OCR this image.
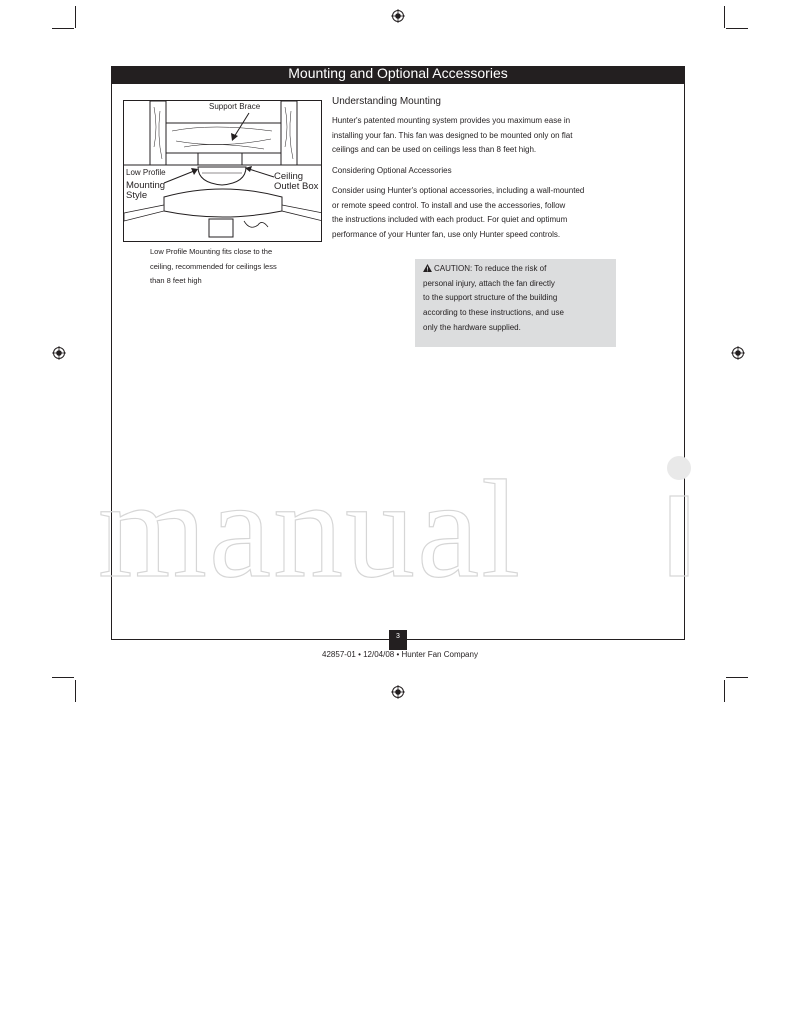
Mounting and Optional Accessories
manual
Support Brace
Low Profile
Mounting
Style
Ceiling
Outlet Box
Low Profile Mounting fits close to the
ceiling, recommended for ceilings less
than 8 feet high
Understanding Mounting

Hunter's patented mounting system provides you maximum ease in

installing your fan. This fan was designed to be mounted only on flat

ceilings and can be used on ceilings less than 8 feet high.

Considering Optional Accessories

Consider using Hunter's optional accessories, including a wall-mounted

or remote speed control. To install and use the accessories, follow

the instructions included with each product. For quiet and optimum

performance of your Hunter fan, use only Hunter speed controls.

CAUTION: To reduce the risk of
personal injury, attach the fan directly
to the support structure of the building
according to these instructions, and use
only the hardware supplied.
3
42857-01 • 12/04/08 • Hunter Fan Company
